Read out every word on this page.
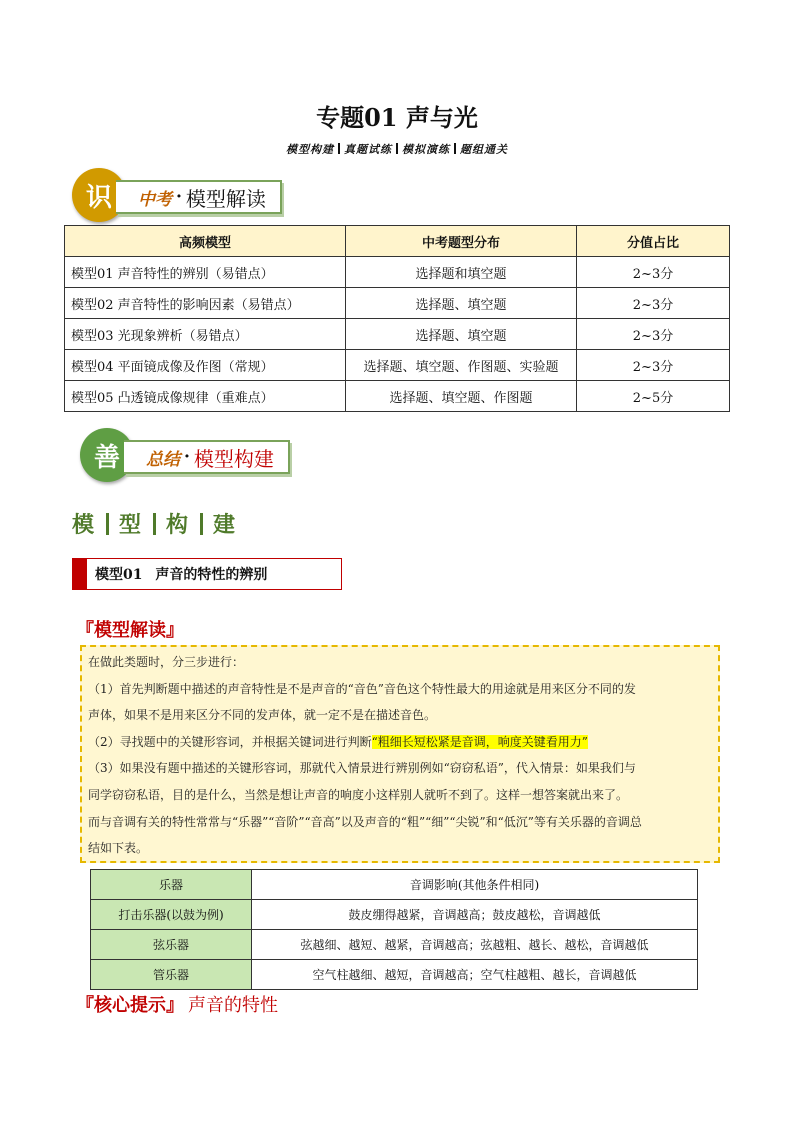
专题01 声与光
模型构建 真题试练 模拟演练 题组通关
识	中考 · 模型解读
高频模型	中考题型分布	分值占比
模型01 声音特性的辨别（易错点）	选择题和填空题	2~3分
模型02 声音特性的影响因素（易错点）	选择题、填空题	2~3分
模型03 光现象辨析（易错点）	选择题、填空题	2~3分
模型04 平面镜成像及作图（常规）	选择题、填空题、作图题、实验题	2~3分
模型05 凸透镜成像规律（重难点）	选择题、填空题、作图题	2~5分
善	总结 · 模型构建
模 型 构 建
模型01 声音的特性的辨别
『模型解读』

在做此类题时，分三步进行：

（1）首先判断题中描述的声音特性是不是声音的“音色”音色这个特性最大的用途就是用来区分不同的发

声体，如果不是用来区分不同的发声体，就一定不是在描述音色。

（2）寻找题中的关键形容词，并根据关键词进行判断“粗细长短松紧是音调，响度关键看用力”

（3）如果没有题中描述的关键形容词，那就代入情景进行辨别例如“窃窃私语”，代入情景：如果我们与

同学窃窃私语，目的是什么，当然是想让声音的响度小这样别人就听不到了。这样一想答案就出来了。

而与音调有关的特性常常与“乐器”“音阶”“音高”以及声音的“粗”“细”“尖锐”和“低沉”等有关乐器的音调总

结如下表。

乐器	音调影响(其他条件相同)
打击乐器(以鼓为例)	鼓皮绷得越紧，音调越高；鼓皮越松，音调越低
弦乐器	弦越细、越短、越紧，音调越高；弦越粗、越长、越松，音调越低
管乐器	空气柱越细、越短，音调越高；空气柱越粗、越长，音调越低
『核心提示』 声音的特性
